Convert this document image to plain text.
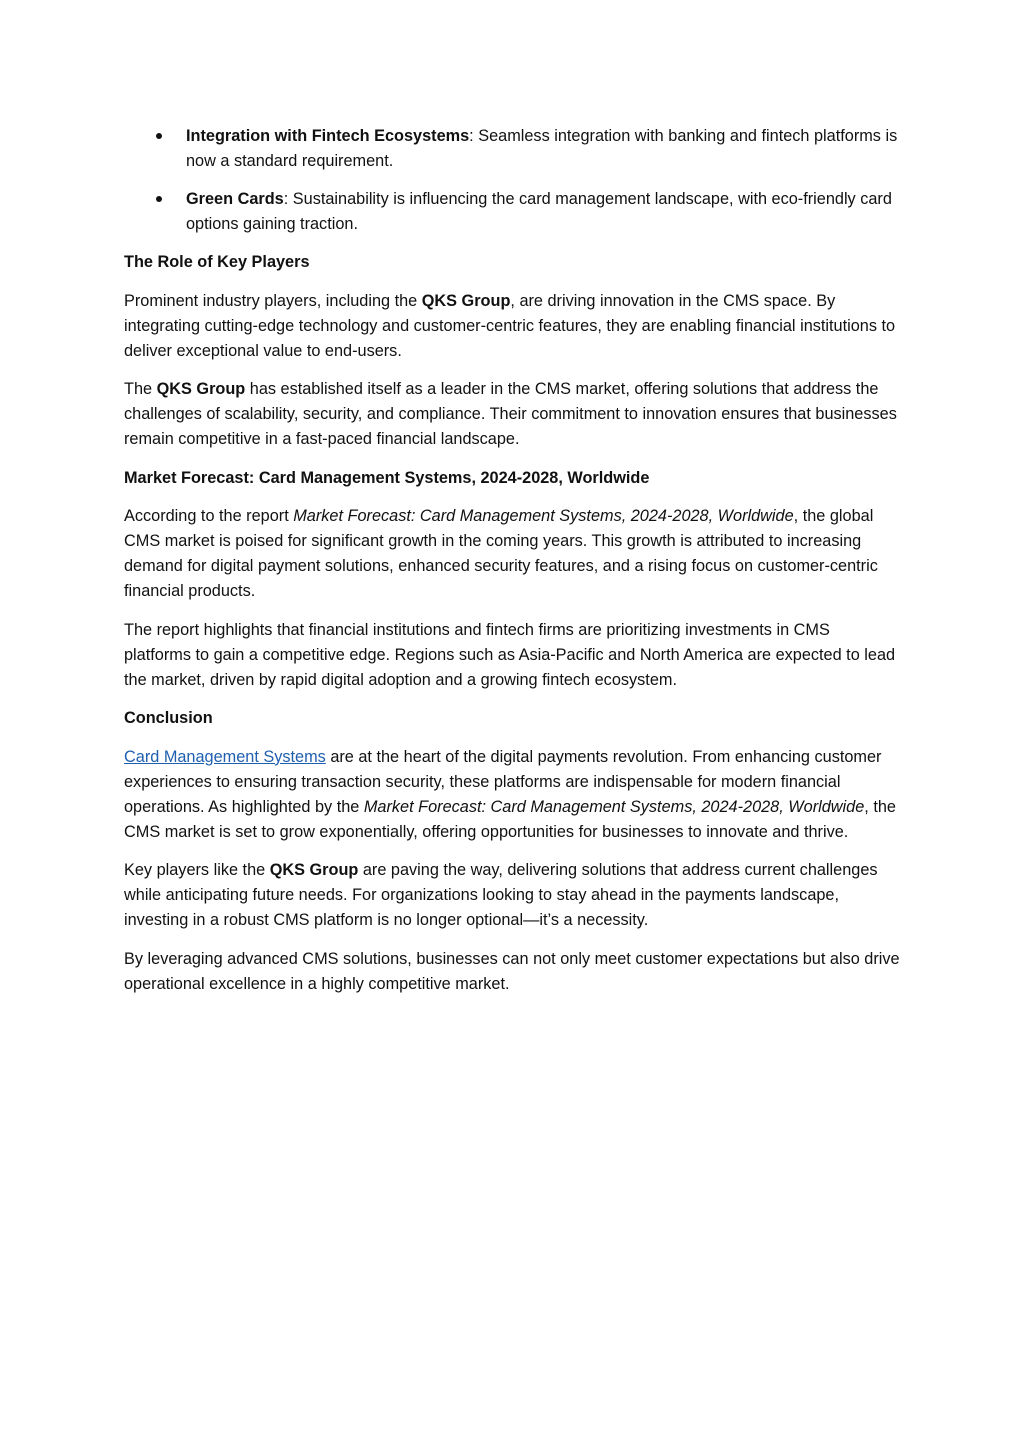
Integration with Fintech Ecosystems: Seamless integration with banking and fintech platforms is now a standard requirement.
Green Cards: Sustainability is influencing the card management landscape, with eco-friendly card options gaining traction.
The Role of Key Players

Prominent industry players, including the QKS Group, are driving innovation in the CMS space. By integrating cutting-edge technology and customer-centric features, they are enabling financial institutions to deliver exceptional value to end-users.

The QKS Group has established itself as a leader in the CMS market, offering solutions that address the challenges of scalability, security, and compliance. Their commitment to innovation ensures that businesses remain competitive in a fast-paced financial landscape.

Market Forecast: Card Management Systems, 2024-2028, Worldwide

According to the report Market Forecast: Card Management Systems, 2024-2028, Worldwide, the global CMS market is poised for significant growth in the coming years. This growth is attributed to increasing demand for digital payment solutions, enhanced security features, and a rising focus on customer-centric financial products.

The report highlights that financial institutions and fintech firms are prioritizing investments in CMS platforms to gain a competitive edge. Regions such as Asia-Pacific and North America are expected to lead the market, driven by rapid digital adoption and a growing fintech ecosystem.

Conclusion

Card Management Systems are at the heart of the digital payments revolution. From enhancing customer experiences to ensuring transaction security, these platforms are indispensable for modern financial operations. As highlighted by the Market Forecast: Card Management Systems, 2024-2028, Worldwide, the CMS market is set to grow exponentially, offering opportunities for businesses to innovate and thrive.

Key players like the QKS Group are paving the way, delivering solutions that address current challenges while anticipating future needs. For organizations looking to stay ahead in the payments landscape, investing in a robust CMS platform is no longer optional—it’s a necessity.

By leveraging advanced CMS solutions, businesses can not only meet customer expectations but also drive operational excellence in a highly competitive market.
